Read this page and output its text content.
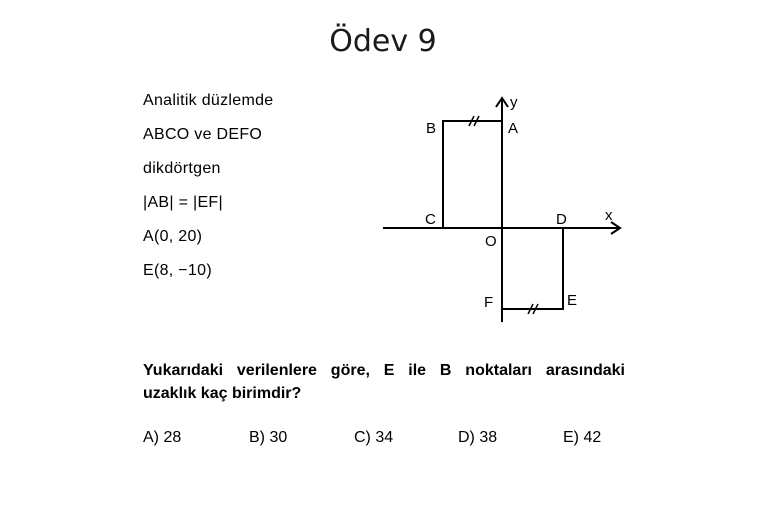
Ödev 9
Analitik düzlemde
ABCO ve DEFO
dikdörtgen
|AB| = |EF|
A(0, 20)
E(8, −10)
y
x
A
B
C	D
O
F	E
Yukarıdaki verilenlere göre, E ile B noktaları arasındaki
uzaklık kaç birimdir?
A) 28	B) 30	C) 34	D) 38	E) 42
